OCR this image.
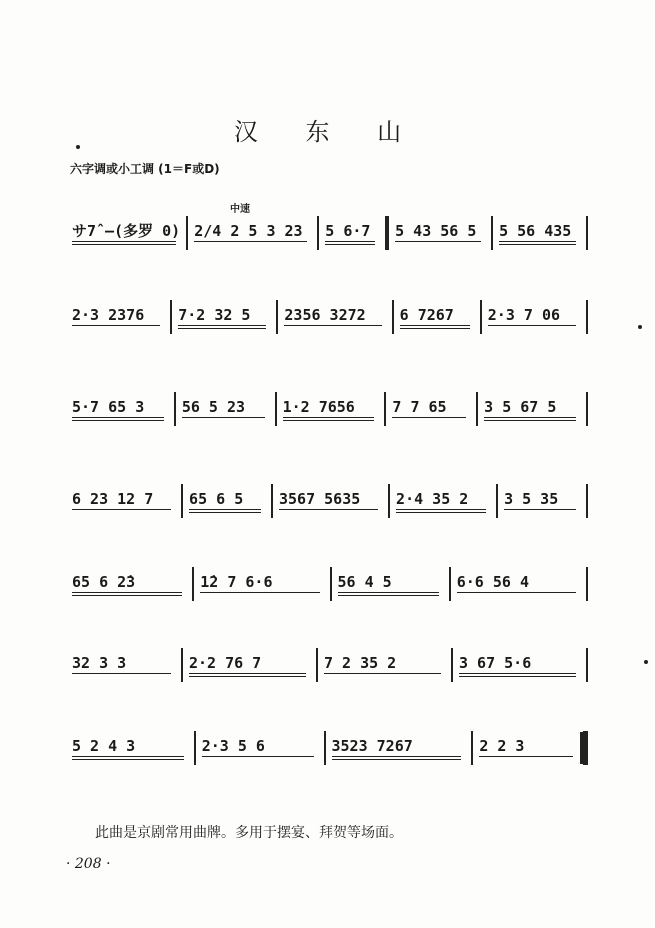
汉 东 山
六字调或小工调 (1＝F或D)
中速
サ7̂ –(多罗 0) 2/4 2 5 3 23 5 6·7 5 43 56 5 5 56 435
2·3 2376 7·2 32 5 2356 3272 6 7267 2·3 7 06
5·7 65 3	56 5 23	1·2 7656	7 7 65	3 5 67 5
6 23 12 7 65 6 5 3567 5635 2·4 35 2 3 5 35
65 6 2̇3	1̇2 7 6·6	56 4 5	6·6 56 4
32 3 3	2·2 76 7	7 2 35 2	3 67 5·6
5 2 4 3	2·3 5 6	3523 7267	2 2 3
此曲是京剧常用曲牌。多用于摆宴、拜贺等场面。
· 208 ·
